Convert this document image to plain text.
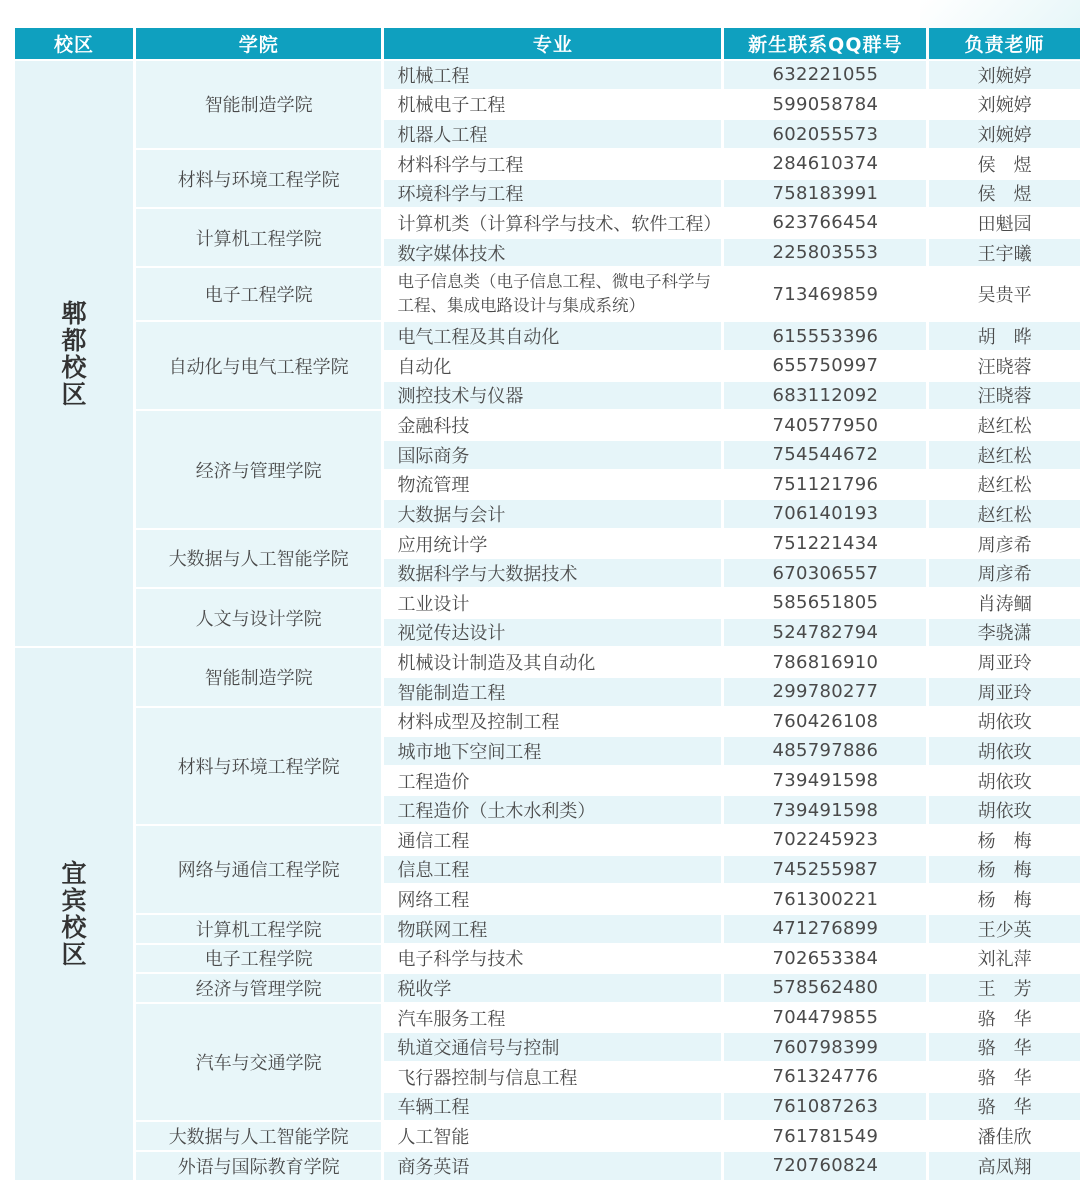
校区	学院	专业	新生联系QQ群号	负责老师
郫都校区	智能制造学院	机械工程	632221055	刘婉婷
		机械电子工程	599058784	刘婉婷
		机器人工程	602055573	刘婉婷
	材料与环境工程学院	材料科学与工程	284610374	侯　煜
		环境科学与工程	758183991	侯　煜
	计算机工程学院	计算机类（计算科学与技术、软件工程）	623766454	田魁园
		数字媒体技术	225803553	王宇曦
	电子工程学院	电子信息类（电子信息工程、微电子科学与工程、集成电路设计与集成系统）	713469859	吴贵平
	自动化与电气工程学院	电气工程及其自动化	615553396	胡　晔
		自动化	655750997	汪晓蓉
		测控技术与仪器	683112092	汪晓蓉
	经济与管理学院	金融科技	740577950	赵红松
		国际商务	754544672	赵红松
		物流管理	751121796	赵红松
		大数据与会计	706140193	赵红松
	大数据与人工智能学院	应用统计学	751221434	周彦希
		数据科学与大数据技术	670306557	周彦希
	人文与设计学院	工业设计	585651805	肖涛鲴
		视觉传达设计	524782794	李骁潇
宜宾校区	智能制造学院	机械设计制造及其自动化	786816910	周亚玲
		智能制造工程	299780277	周亚玲
	材料与环境工程学院	材料成型及控制工程	760426108	胡依玫
		城市地下空间工程	485797886	胡依玫
		工程造价	739491598	胡依玫
		工程造价（土木水利类）	739491598	胡依玫
	网络与通信工程学院	通信工程	702245923	杨　梅
		信息工程	745255987	杨　梅
		网络工程	761300221	杨　梅
	计算机工程学院	物联网工程	471276899	王少英
	电子工程学院	电子科学与技术	702653384	刘礼萍
	经济与管理学院	税收学	578562480	王　芳
	汽车与交通学院	汽车服务工程	704479855	骆　华
		轨道交通信号与控制	760798399	骆　华
		飞行器控制与信息工程	761324776	骆　华
		车辆工程	761087263	骆　华
	大数据与人工智能学院	人工智能	761781549	潘佳欣
	外语与国际教育学院	商务英语	720760824	高凤翔
